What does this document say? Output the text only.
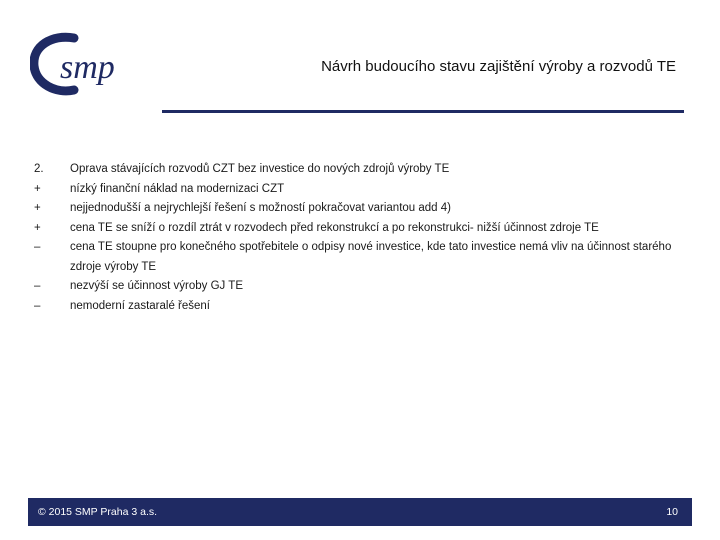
smp	Návrh budoucího stavu zajištění výroby a rozvodů TE
2.	Oprava stávajících rozvodů CZT bez investice do nových zdrojů výroby TE
+	nízký finanční náklad na modernizaci CZT
+	nejjednodušší a nejrychlejší řešení s možností pokračovat variantou add 4)
+	cena TE se sníží o rozdíl ztrát v rozvodech před rekonstrukcí a po rekonstrukci- nižší účinnost zdroje TE
–	cena TE stoupne pro konečného spotřebitele o odpisy nové investice, kde tato investice nemá vliv na účinnost starého zdroje výroby TE
–	nezvýší se účinnost výroby GJ TE
–	nemoderní zastaralé řešení
© 2015 SMP Praha 3 a.s.	10
